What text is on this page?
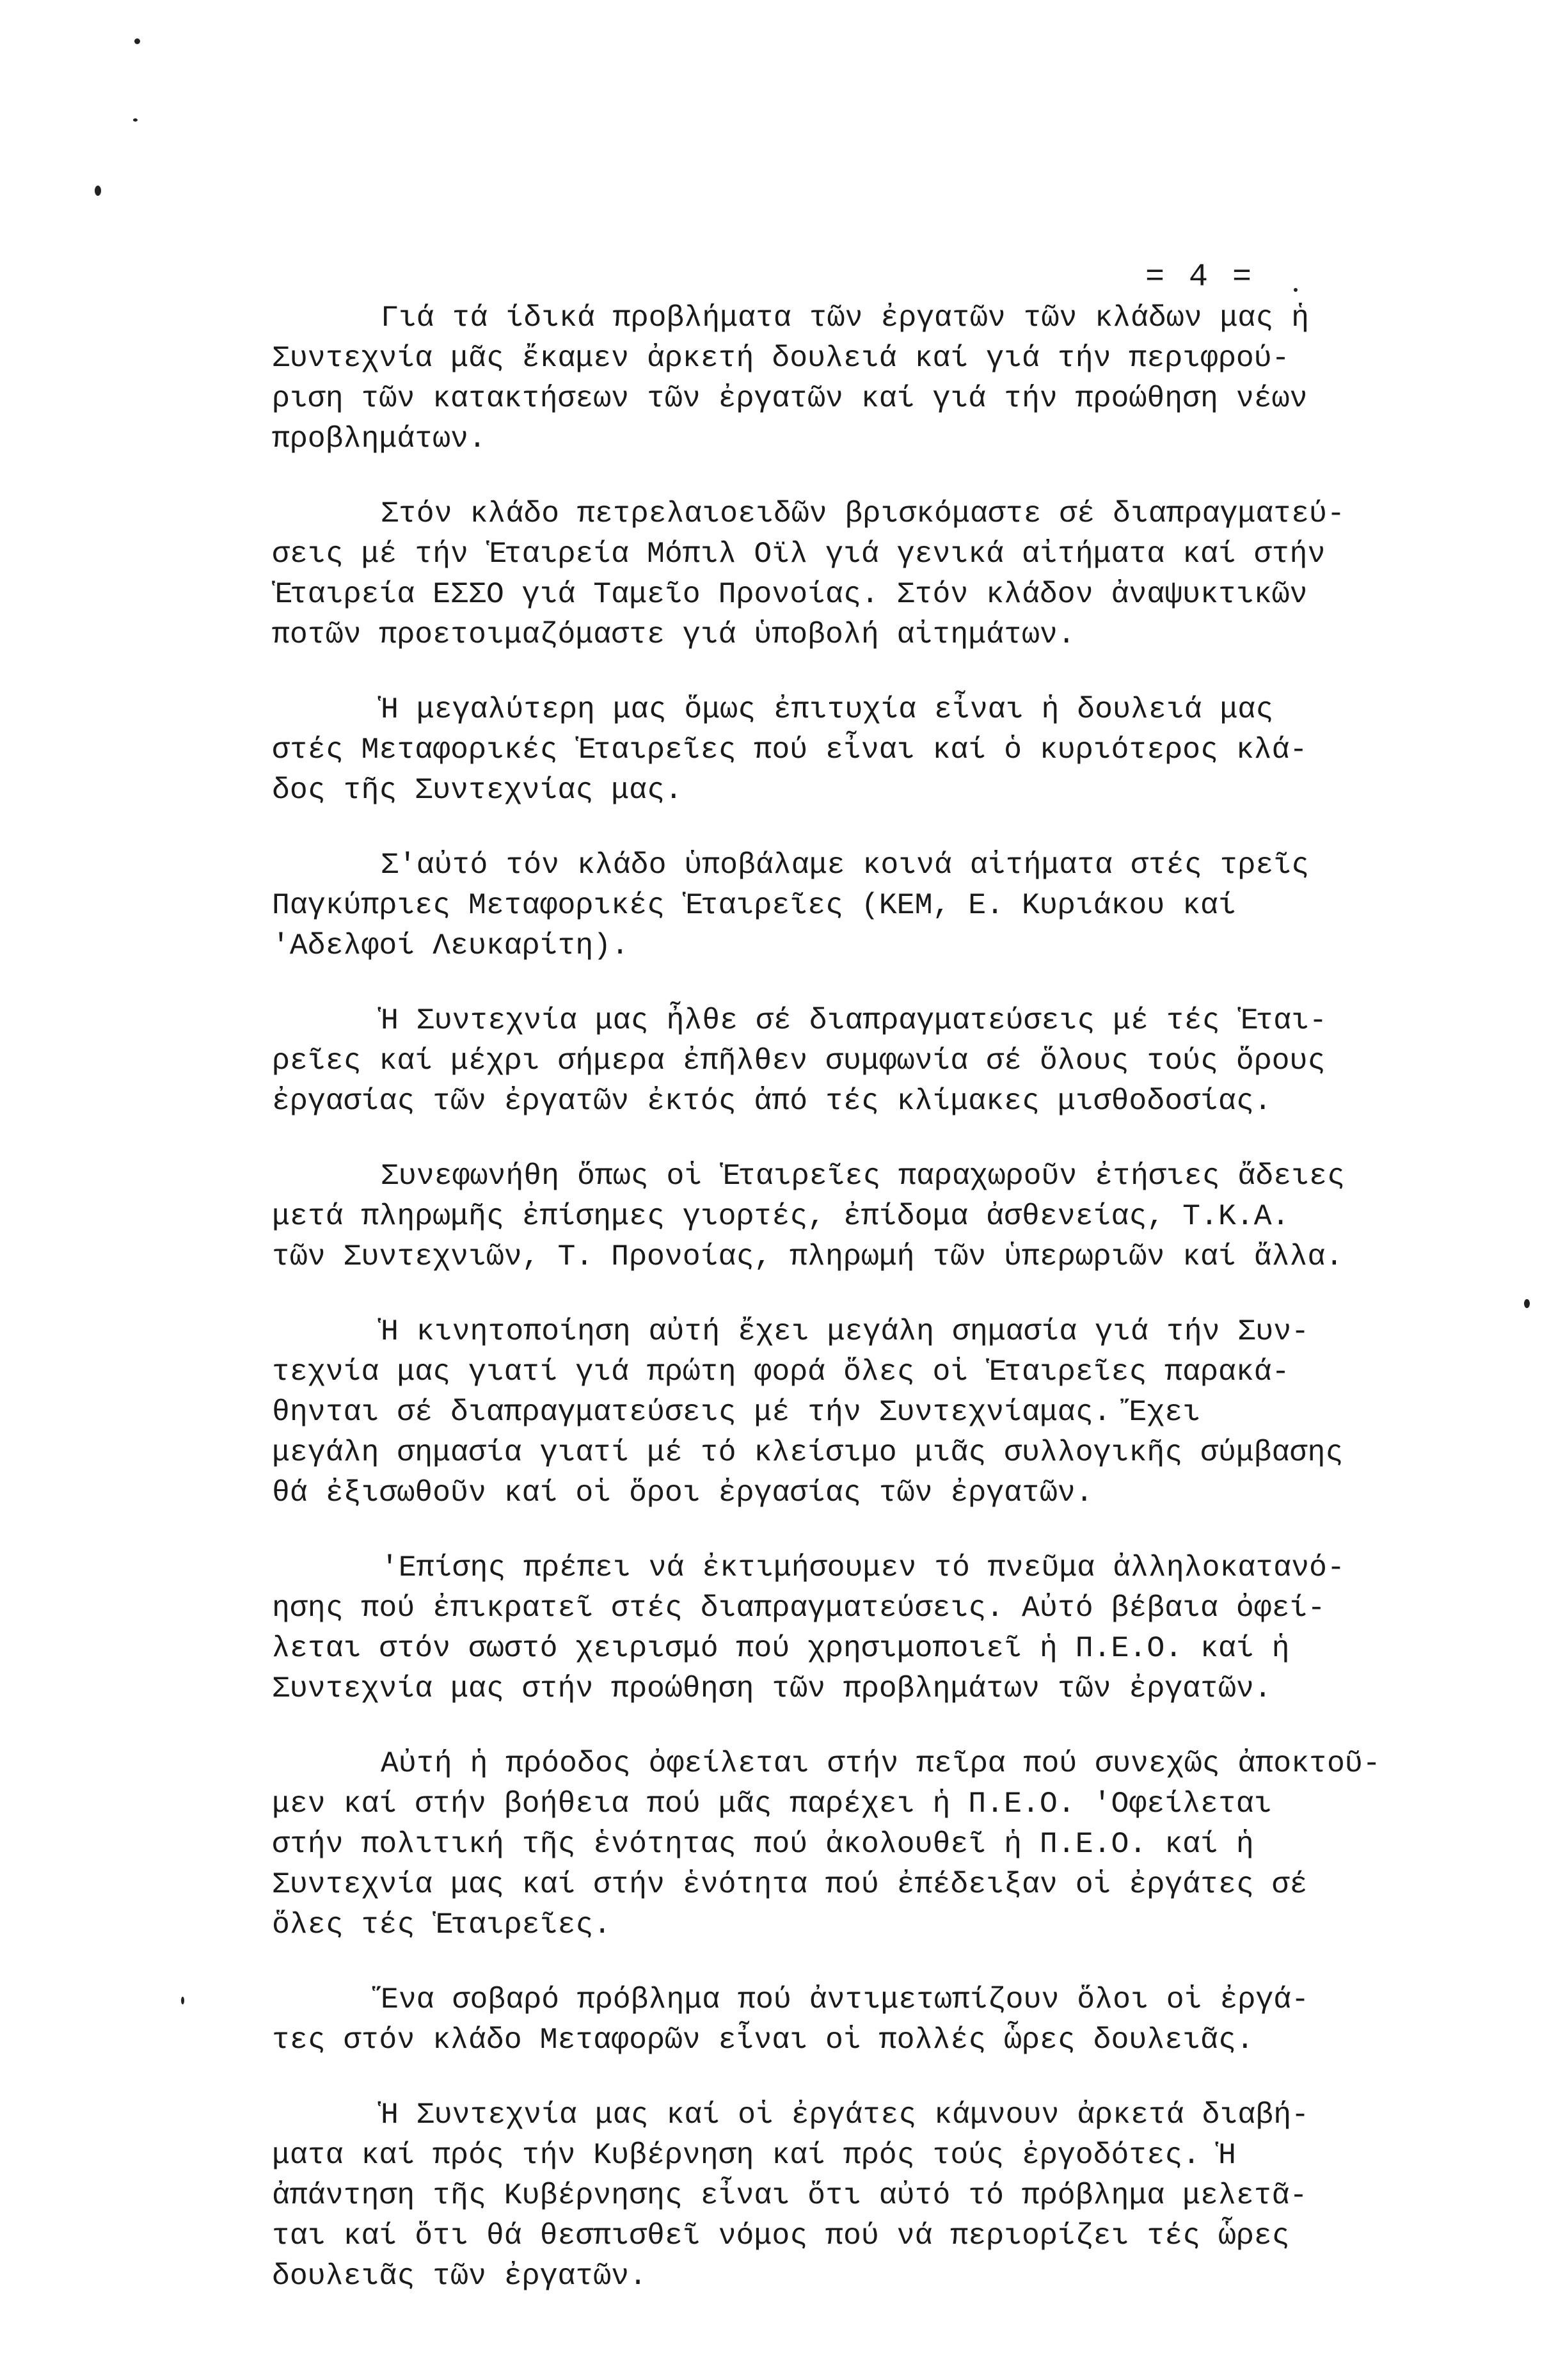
= 4 =

Γιά τά ίδικά προβλήματα τῶν ἐργατῶν τῶν κλάδων μας ἡ
Συντεχνία μᾶς ἔκαμεν ἀρκετή δουλειά καί γιά τήν περιφρού-
ριση τῶν κατακτήσεων τῶν ἐργατῶν καί γιά τήν προώθηση νέων
προβλημάτων.

Στόν κλάδο πετρελαιοειδῶν βρισκόμαστε σέ διαπραγματεύ-
σεις μέ τήν Ἑταιρεία Μόπιλ Οϊλ γιά γενικά αἰτήματα καί στήν
Ἑταιρεία ΕΣΣΟ γιά Ταμεῖο Προνοίας. Στόν κλάδον ἀναψυκτικῶν
ποτῶν προετοιμαζόμαστε γιά ὑποβολή αἰτημάτων.

Ἡ μεγαλύτερη μας ὅμως ἐπιτυχία εἶναι ἡ δουλειά μας
στές Μεταφορικές Ἑταιρεῖες πού εἶναι καί ὁ κυριότερος κλά-
δος τῆς Συντεχνίας μας.

Σ'αὐτό τόν κλάδο ὑποβάλαμε κοινά αἰτήματα στές τρεῖς
Παγκύπριες Μεταφορικές Ἑταιρεῖες (ΚΕΜ, Ε. Κυριάκου καί
'Αδελφοί Λευκαρίτη).

Ἡ Συντεχνία μας ἦλθε σέ διαπραγματεύσεις μέ τές Ἑται-
ρεῖες καί μέχρι σήμερα ἐπῆλθεν συμφωνία σέ ὅλους τούς ὅρους
ἐργασίας τῶν ἐργατῶν ἐκτός ἀπό τές κλίμακες μισθοδοσίας.

Συνεφωνήθη ὅπως οἱ Ἑταιρεῖες παραχωροῦν ἐτήσιες ἄδειες
μετά πληρωμῆς ἐπίσημες γιορτές, ἐπίδομα ἀσθενείας, Τ.Κ.Α.
τῶν Συντεχνιῶν, Τ. Προνοίας, πληρωμή τῶν ὑπερωριῶν καί ἄλλα.

Ἡ κινητοποίηση αὐτή ἔχει μεγάλη σημασία γιά τήν Συν-
τεχνία μας γιατί γιά πρώτη φορά ὅλες οἱ Ἑταιρεῖες παρακά-
θηνται σέ διαπραγματεύσεις μέ τήν Συντεχνίαμας. Ἔχει
μεγάλη σημασία γιατί μέ τό κλείσιμο μιᾶς συλλογικῆς σύμβασης
θά ἐξισωθοῦν καί οἱ ὅροι ἐργασίας τῶν ἐργατῶν.

'Επίσης πρέπει νά ἐκτιμήσουμεν τό πνεῦμα ἀλληλοκατανό-
ησης πού ἐπικρατεῖ στές διαπραγματεύσεις. Αὐτό βέβαια ὀφεί-
λεται στόν σωστό χειρισμό πού χρησιμοποιεῖ ἡ Π.Ε.Ο. καί ἡ
Συντεχνία μας στήν προώθηση τῶν προβλημάτων τῶν ἐργατῶν.

Αὐτή ἡ πρόοδος ὀφείλεται στήν πεῖρα πού συνεχῶς ἀποκτοῦ-
μεν καί στήν βοήθεια πού μᾶς παρέχει ἡ Π.Ε.Ο. 'Οφείλεται
στήν πολιτική τῆς ἑνότητας πού ἀκολουθεῖ ἡ Π.Ε.Ο. καί ἡ
Συντεχνία μας καί στήν ἑνότητα πού ἐπέδειξαν οἱ ἐργάτες σέ
ὅλες τές Ἑταιρεῖες.

Ἕνα σοβαρό πρόβλημα πού ἀντιμετωπίζουν ὅλοι οἱ ἐργά-
τες στόν κλάδο Μεταφορῶν εἶναι οἱ πολλές ὧρες δουλειᾶς.

Ἡ Συντεχνία μας καί οἱ ἐργάτες κάμνουν ἀρκετά διαβή-
ματα καί πρός τήν Κυβέρνηση καί πρός τούς ἐργοδότες. Ἡ
ἀπάντηση τῆς Κυβέρνησης εἶναι ὅτι αὐτό τό πρόβλημα μελετᾶ-
ται καί ὅτι θά θεσπισθεῖ νόμος πού νά περιορίζει τές ὧρες
δουλειᾶς τῶν ἐργατῶν.
